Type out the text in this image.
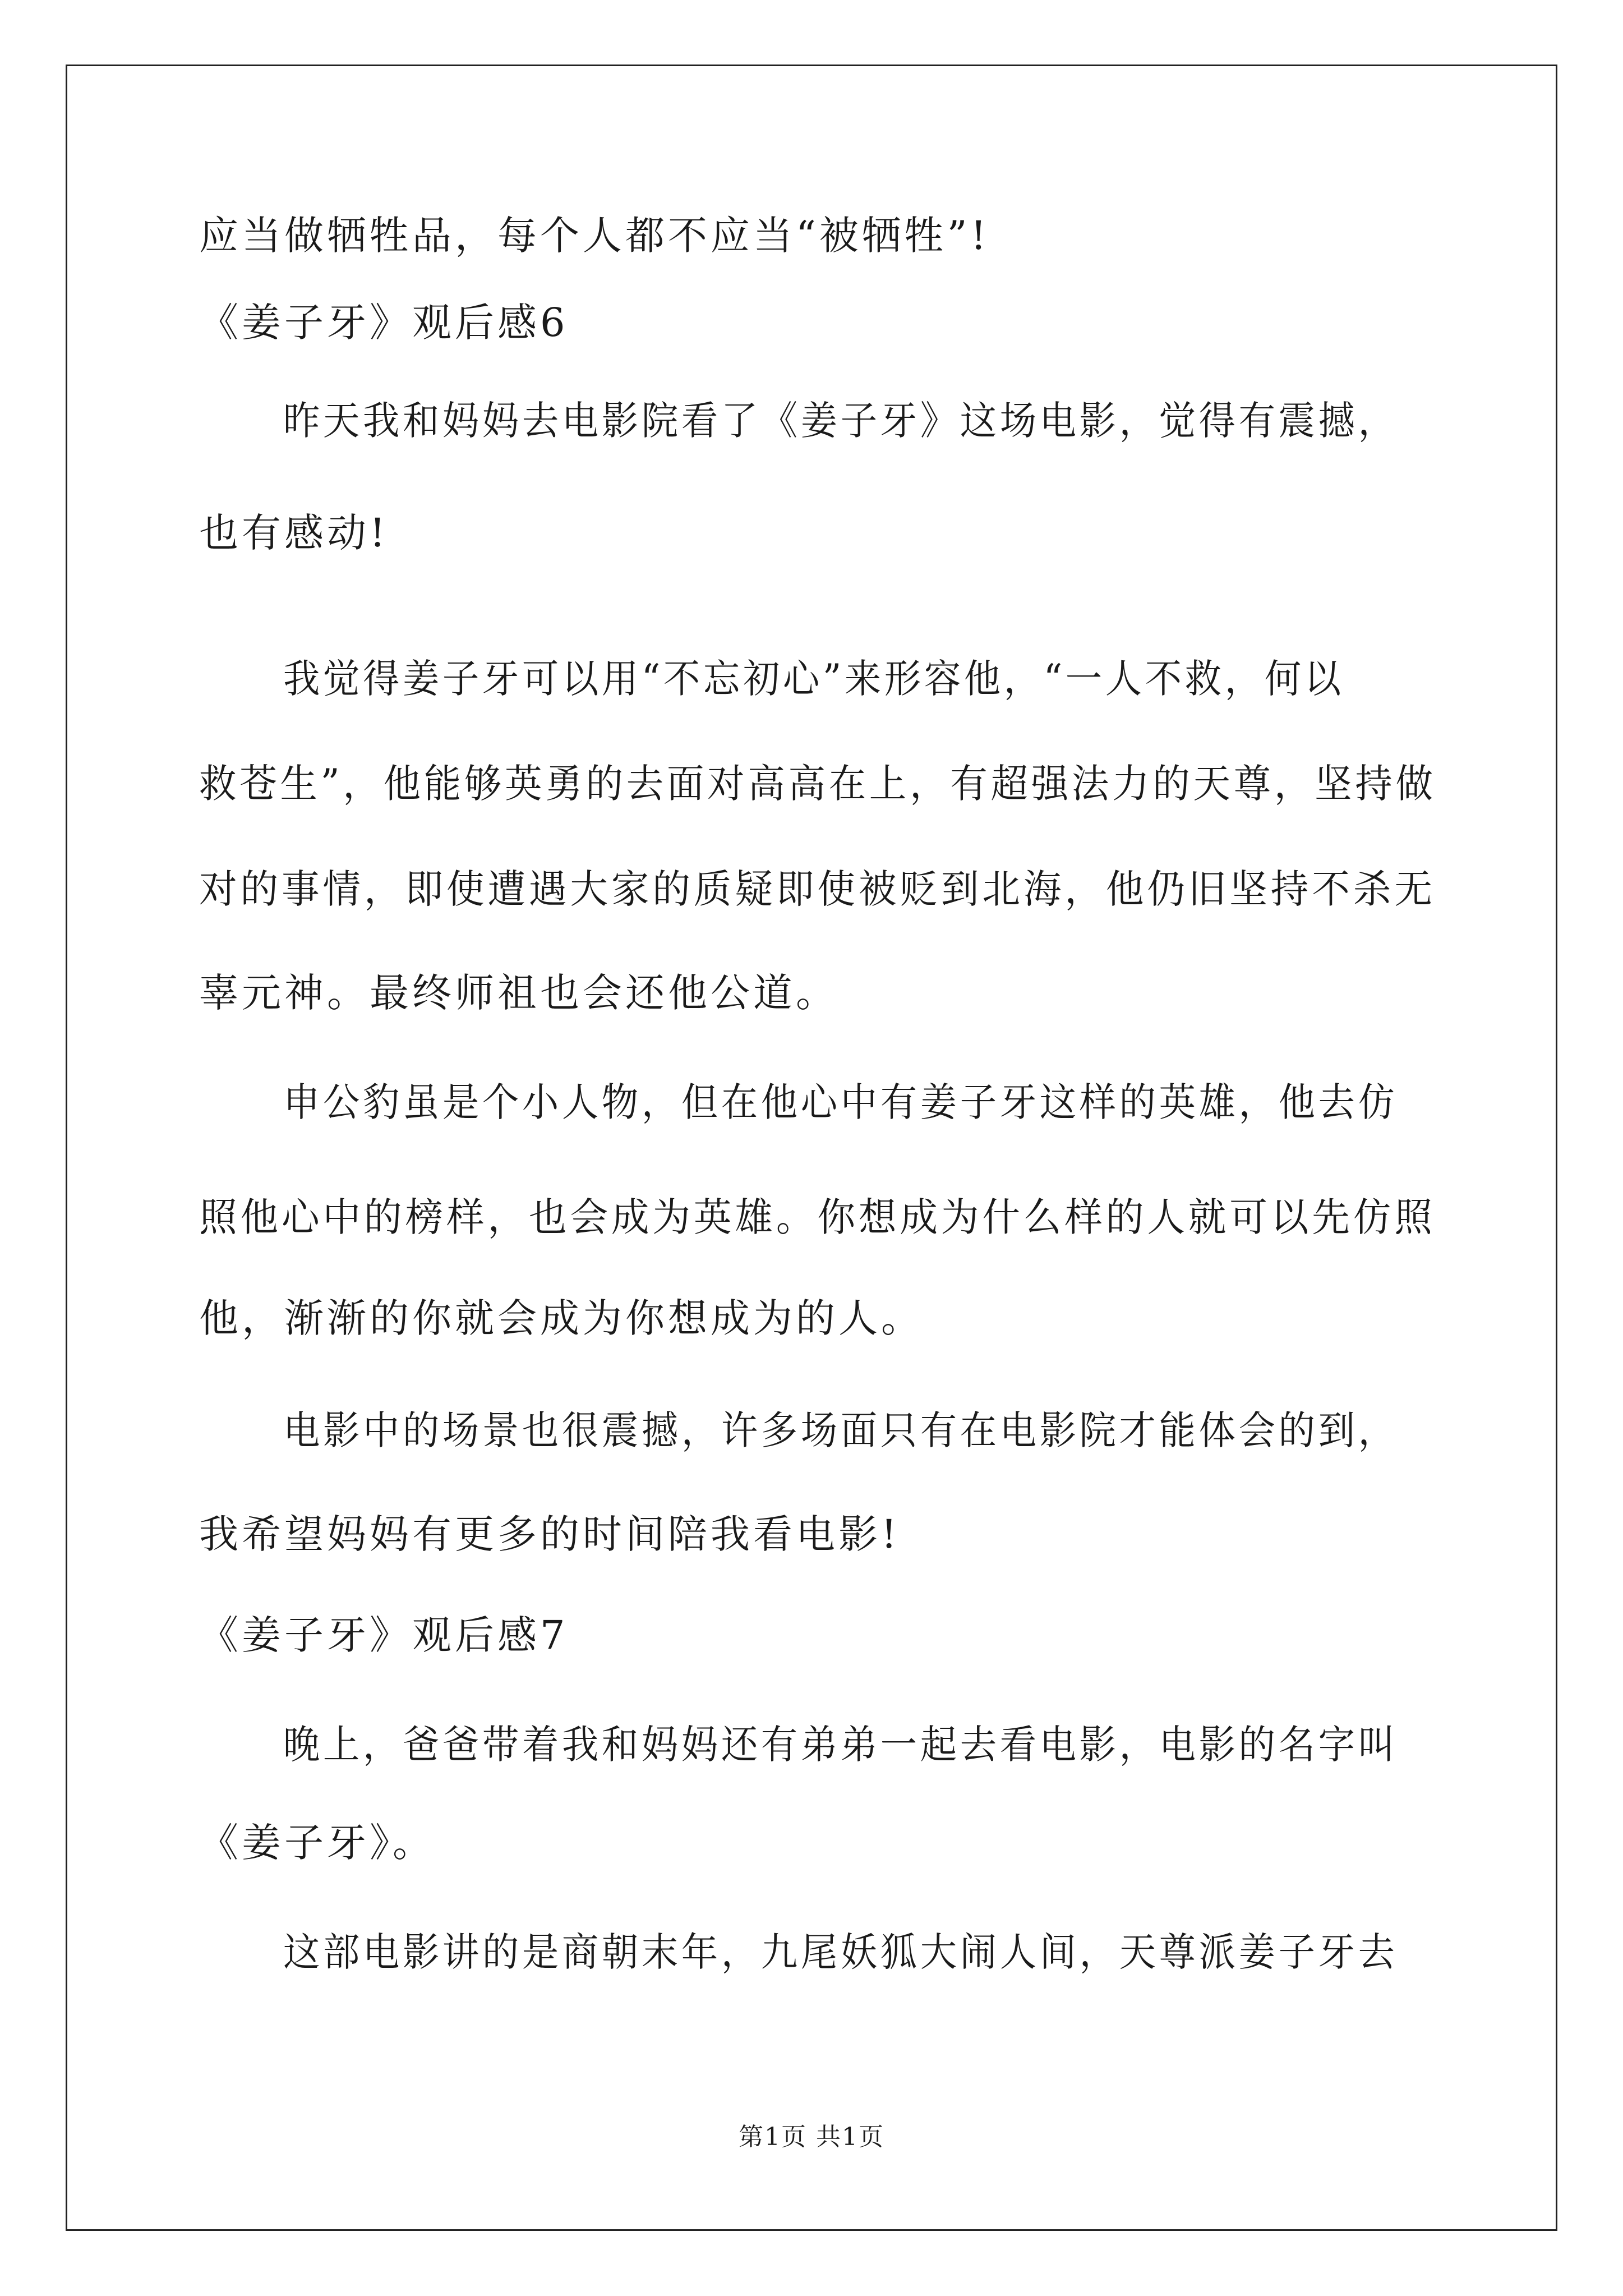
应当做牺牲品，每个人都不应当“被牺牲”!
《姜子牙》观后感6
昨天我和妈妈去电影院看了《姜子牙》这场电影，觉得有震撼，
也有感动!
我觉得姜子牙可以用“不忘初心”来形容他，“一人不救，何以
救苍生”，他能够英勇的去面对高高在上，有超强法力的天尊，坚持做
对的事情，即使遭遇大家的质疑即使被贬到北海，他仍旧坚持不杀无
辜元神。最终师祖也会还他公道。
申公豹虽是个小人物，但在他心中有姜子牙这样的英雄，他去仿
照他心中的榜样，也会成为英雄。你想成为什么样的人就可以先仿照
他，渐渐的你就会成为你想成为的人。
电影中的场景也很震撼，许多场面只有在电影院才能体会的到，
我希望妈妈有更多的时间陪我看电影!
《姜子牙》观后感7
晚上，爸爸带着我和妈妈还有弟弟一起去看电影，电影的名字叫
《姜子牙》。
这部电影讲的是商朝末年，九尾妖狐大闹人间，天尊派姜子牙去
第1页 共1页
